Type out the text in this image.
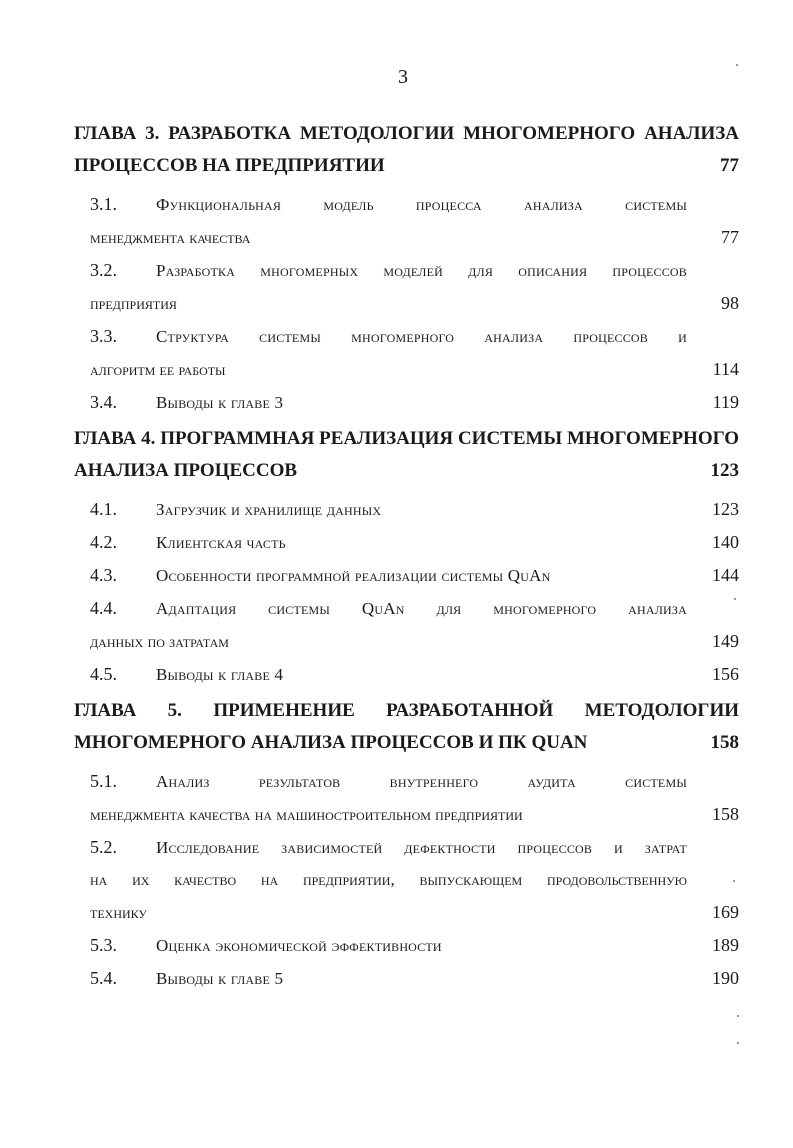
3
ГЛАВА 3. РАЗРАБОТКА МЕТОДОЛОГИИ МНОГОМЕРНОГО АНАЛИЗА
ПРОЦЕССОВ НА ПРЕДПРИЯТИИ	77
3.1.	Функциональная модель процесса анализа системы
менеджмента качества	77
3.2.	Разработка многомерных моделей для описания процессов
предприятия	98
3.3.	Структура системы многомерного анализа процессов и
алгоритм ее работы	114
3.4.	Выводы к главе 3	119
ГЛАВА 4. ПРОГРАММНАЯ РЕАЛИЗАЦИЯ СИСТЕМЫ МНОГОМЕРНОГО
АНАЛИЗА ПРОЦЕССОВ	123
4.1.	Загрузчик и хранилище данных	123
4.2.	Клиентская часть	140
4.3.	Особенности программной реализации системы QuAn	144
4.4.	Адаптация системы QuAn для многомерного анализа
данных по затратам	149
4.5.	Выводы к главе 4	156
ГЛАВА 5. ПРИМЕНЕНИЕ РАЗРАБОТАННОЙ МЕТОДОЛОГИИ
МНОГОМЕРНОГО АНАЛИЗА ПРОЦЕССОВ И ПК QUAN	158
5.1.	Анализ результатов внутреннего аудита системы
менеджмента качества на машиностроительном предприятии	158
5.2.	Исследование зависимостей дефектности процессов и затрат
на их качество на предприятии, выпускающем продовольственную
технику	169
5.3.	Оценка экономической эффективности	189
5.4.	Выводы к главе 5	190
